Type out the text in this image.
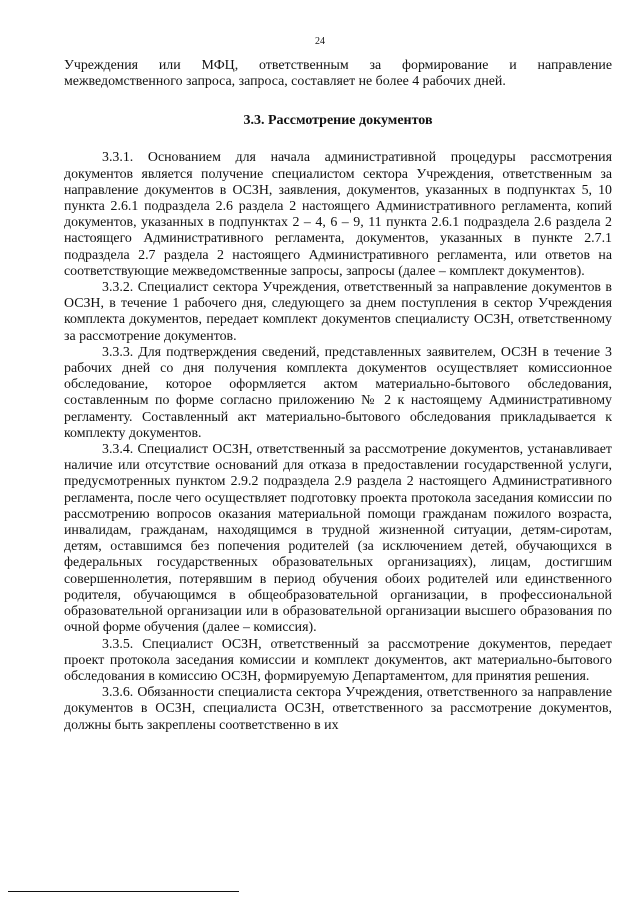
24

Учреждения или МФЦ, ответственным за формирование и направление межведомственного запроса, запроса, составляет не более 4 рабочих дней.

3.3. Рассмотрение документов

3.3.1. Основанием для начала административной процедуры рассмотрения документов является получение специалистом сектора Учреждения, ответственным за направление документов в ОСЗН, заявления, документов, указанных в подпунктах 5, 10 пункта 2.6.1 подраздела 2.6 раздела 2 настоящего Административного регламента, копий документов, указанных в подпунктах 2 – 4, 6 – 9, 11 пункта 2.6.1 подраздела 2.6 раздела 2 настоящего Административного регламента, документов, указанных в пункте 2.7.1 подраздела 2.7 раздела 2 настоящего Административного регламента, или ответов на соответствующие межведомственные запросы, запросы (далее – комплект документов).

3.3.2. Специалист сектора Учреждения, ответственный за направление документов в ОСЗН, в течение 1 рабочего дня, следующего за днем поступления в сектор Учреждения комплекта документов, передает комплект документов специалисту ОСЗН, ответственному за рассмотрение документов.

3.3.3. Для подтверждения сведений, представленных заявителем, ОСЗН в течение 3 рабочих дней со дня получения комплекта документов осуществляет комиссионное обследование, которое оформляется актом материально-бытового обследования, составленным по форме согласно приложению № 2 к настоящему Административному регламенту. Составленный акт материально-бытового обследования прикладывается к комплекту документов.

3.3.4. Специалист ОСЗН, ответственный за рассмотрение документов, устанавливает наличие или отсутствие оснований для отказа в предоставлении государственной услуги, предусмотренных пунктом 2.9.2 подраздела 2.9 раздела 2 настоящего Административного регламента, после чего осуществляет подготовку проекта протокола заседания комиссии по рассмотрению вопросов оказания материальной помощи гражданам пожилого возраста, инвалидам, гражданам, находящимся в трудной жизненной ситуации, детям-сиротам, детям, оставшимся без попечения родителей (за исключением детей, обучающихся в федеральных государственных образовательных организациях), лицам, достигшим совершеннолетия, потерявшим в период обучения обоих родителей или единственного родителя, обучающимся в общеобразовательной организации, в профессиональной образовательной организации или в образовательной организации высшего образования по очной форме обучения (далее – комиссия).

3.3.5. Специалист ОСЗН, ответственный за рассмотрение документов, передает проект протокола заседания комиссии и комплект документов, акт материально-бытового обследования в комиссию ОСЗН, формируемую Департаментом, для принятия решения.

3.3.6. Обязанности специалиста сектора Учреждения, ответственного за направление документов в ОСЗН, специалиста ОСЗН, ответственного за рассмотрение документов, должны быть закреплены соответственно в их
